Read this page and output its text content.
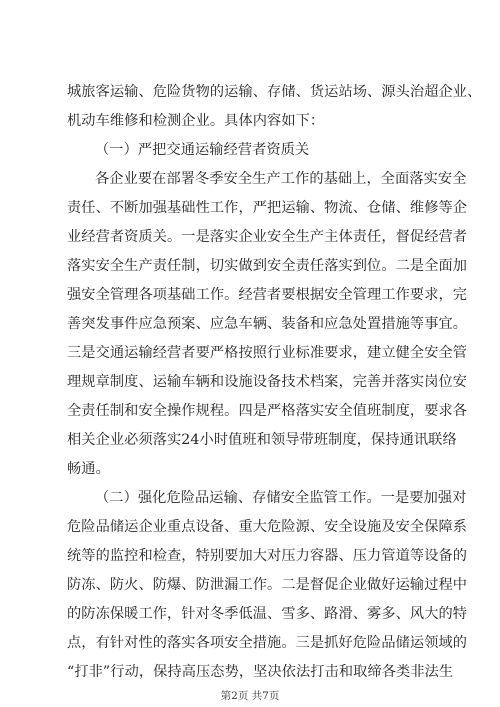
城旅客运输、危险货物的运输、存储、货运站场、源头治超企业、
机动车维修和检测企业。具体内容如下：
（一）严把交通运输经营者资质关
各企业要在部署冬季安全生产工作的基础上，全面落实安全
责任、不断加强基础性工作，严把运输、物流、仓储、维修等企
业经营者资质关。一是落实企业安全生产主体责任，督促经营者
落实安全生产责任制，切实做到安全责任落实到位。二是全面加
强安全管理各项基础工作。经营者要根据安全管理工作要求，完
善突发事件应急预案、应急车辆、装备和应急处置措施等事宜。
三是交通运输经营者要严格按照行业标准要求，建立健全安全管
理规章制度、运输车辆和设施设备技术档案，完善并落实岗位安
全责任制和安全操作规程。四是严格落实安全值班制度，要求各
相关企业必须落实24小时值班和领导带班制度，保持通讯联络
畅通。
（二）强化危险品运输、存储安全监管工作。一是要加强对
危险品储运企业重点设备、重大危险源、安全设施及安全保障系
统等的监控和检查，特别要加大对压力容器、压力管道等设备的
防冻、防火、防爆、防泄漏工作。二是督促企业做好运输过程中
的防冻保暖工作，针对冬季低温、雪多、路滑、雾多、风大的特
点，有针对性的落实各项安全措施。三是抓好危险品储运领域的
“打非”行动，保持高压态势，坚决依法打击和取缔各类非法生
第2页 共7页
